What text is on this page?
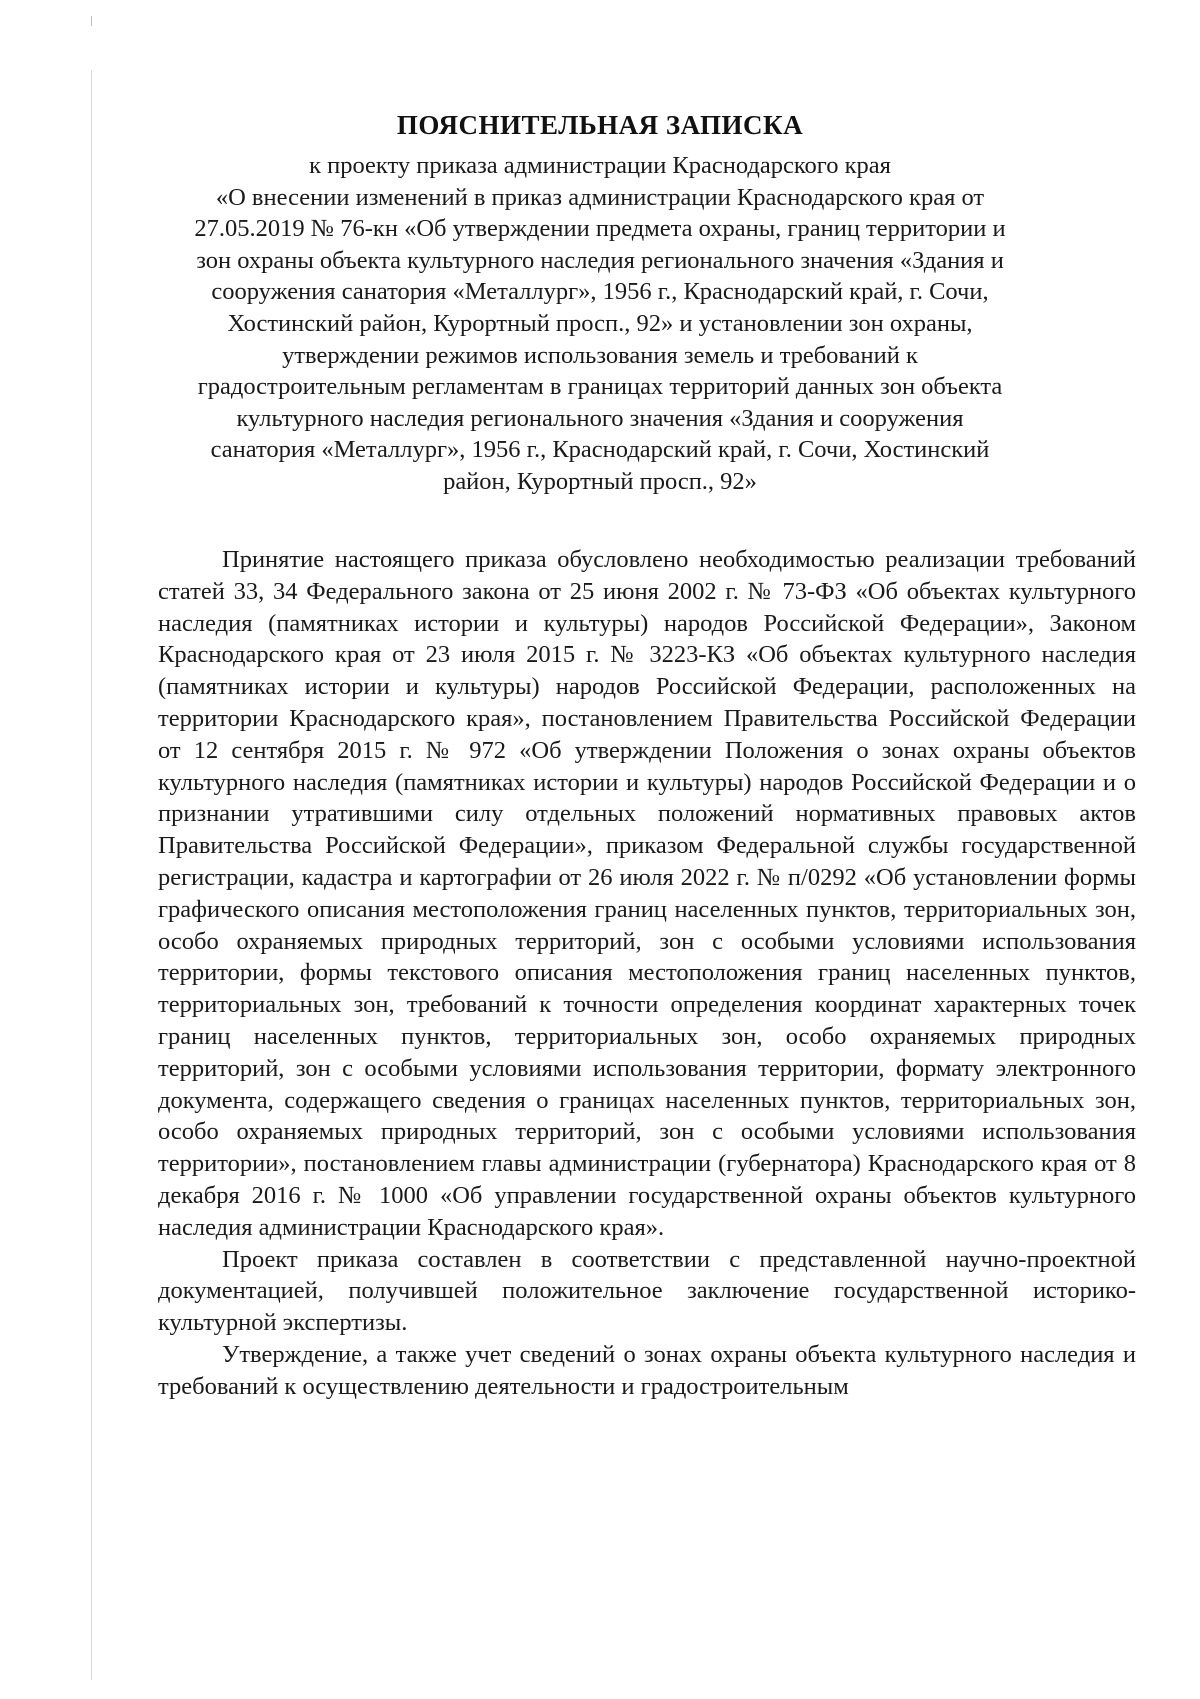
ПОЯСНИТЕЛЬНАЯ ЗАПИСКА
к проекту приказа администрации Краснодарского края
«О внесении изменений в приказ администрации Краснодарского края от
27.05.2019 № 76-кн «Об утверждении предмета охраны, границ территории и
зон охраны объекта культурного наследия регионального значения «Здания и
сооружения санатория «Металлург», 1956 г., Краснодарский край, г. Сочи,
Хостинский район, Курортный просп., 92» и установлении зон охраны,
утверждении режимов использования земель и требований к
градостроительным регламентам в границах территорий данных зон объекта
культурного наследия регионального значения «Здания и сооружения
санатория «Металлург», 1956 г., Краснодарский край, г. Сочи, Хостинский
район, Курортный просп., 92»

Принятие настоящего приказа обусловлено необходимостью реализации требований статей 33, 34 Федерального закона от 25 июня 2002 г. № 73-ФЗ «Об объектах культурного наследия (памятниках истории и культуры) народов Российской Федерации», Законом Краснодарского края от 23 июля 2015 г. № 3223-КЗ «Об объектах культурного наследия (памятниках истории и культуры) народов Российской Федерации, расположенных на территории Краснодарского края», постановлением Правительства Российской Федерации от 12 сентября 2015 г. № 972 «Об утверждении Положения о зонах охраны объектов культурного наследия (памятниках истории и культуры) народов Российской Федерации и о признании утратившими силу отдельных положений нормативных правовых актов Правительства Российской Федерации», приказом Федеральной службы государственной регистрации, кадастра и картографии от 26 июля 2022 г. № п/0292 «Об установлении формы графического описания местоположения границ населенных пунктов, территориальных зон, особо охраняемых природных территорий, зон с особыми условиями использования территории, формы текстового описания местоположения границ населенных пунктов, территориальных зон, требований к точности определения координат характерных точек границ населенных пунктов, территориальных зон, особо охраняемых природных территорий, зон с особыми условиями использования территории, формату электронного документа, содержащего сведения о границах населенных пунктов, территориальных зон, особо охраняемых природных территорий, зон с особыми условиями использования территории», постановлением главы администрации (губернатора) Краснодарского края от 8 декабря 2016 г. № 1000 «Об управлении государственной охраны объектов культурного наследия администрации Краснодарского края».

Проект приказа составлен в соответствии с представленной научно-проектной документацией, получившей положительное заключение государственной историко-культурной экспертизы.

Утверждение, а также учет сведений о зонах охраны объекта культурного наследия и требований к осуществлению деятельности и градостроительным
